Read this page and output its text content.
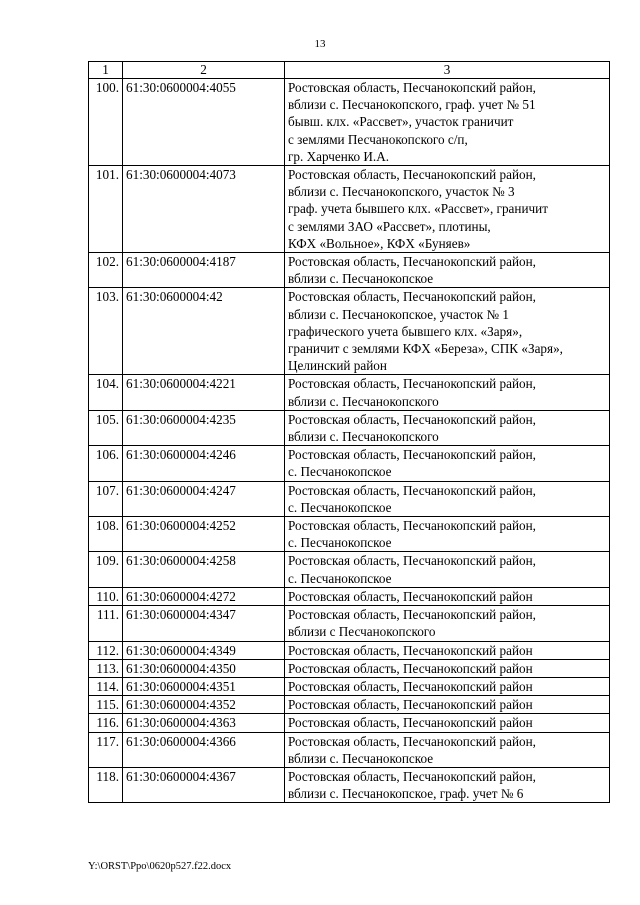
13
1	2	3
100.	61:30:0600004:4055	Ростовская область, Песчанокопский район,
вблизи с. Песчанокопского, граф. учет № 51
бывш. клх. «Рассвет», участок граничит
с землями Песчанокопского с/п,
гр. Харченко И.А.

101.	61:30:0600004:4073	Ростовская область, Песчанокопский район,
вблизи с. Песчанокопского, участок № 3
граф. учета бывшего клх. «Рассвет», граничит
с землями ЗАО «Рассвет», плотины,
КФХ «Вольное», КФХ «Буняев»

102.	61:30:0600004:4187	Ростовская область, Песчанокопский район,
вблизи с. Песчанокопское

103.	61:30:0600004:42	Ростовская область, Песчанокопский район,
вблизи с. Песчанокопское, участок № 1
графического учета бывшего клх. «Заря»,
граничит с землями КФХ «Береза», СПК «Заря»,
Целинский район

104.	61:30:0600004:4221	Ростовская область, Песчанокопский район,
вблизи с. Песчанокопского

105.	61:30:0600004:4235	Ростовская область, Песчанокопский район,
вблизи с. Песчанокопского

106.	61:30:0600004:4246	Ростовская область, Песчанокопский район,
с. Песчанокопское

107.	61:30:0600004:4247	Ростовская область, Песчанокопский район,
с. Песчанокопское

108.	61:30:0600004:4252	Ростовская область, Песчанокопский район,
с. Песчанокопское

109.	61:30:0600004:4258	Ростовская область, Песчанокопский район,
с. Песчанокопское

110.	61:30:0600004:4272	Ростовская область, Песчанокопский район

111.	61:30:0600004:4347	Ростовская область, Песчанокопский район,
вблизи с Песчанокопского

112.	61:30:0600004:4349	Ростовская область, Песчанокопский район

113.	61:30:0600004:4350	Ростовская область, Песчанокопский район

114.	61:30:0600004:4351	Ростовская область, Песчанокопский район

115.	61:30:0600004:4352	Ростовская область, Песчанокопский район

116.	61:30:0600004:4363	Ростовская область, Песчанокопский район

117.	61:30:0600004:4366	Ростовская область, Песчанокопский район,
вблизи с. Песчанокопское

118.	61:30:0600004:4367	Ростовская область, Песчанокопский район,
вблизи с. Песчанокопское, граф. учет № 6
Y:\ORST\Ppo\0620p527.f22.docx
